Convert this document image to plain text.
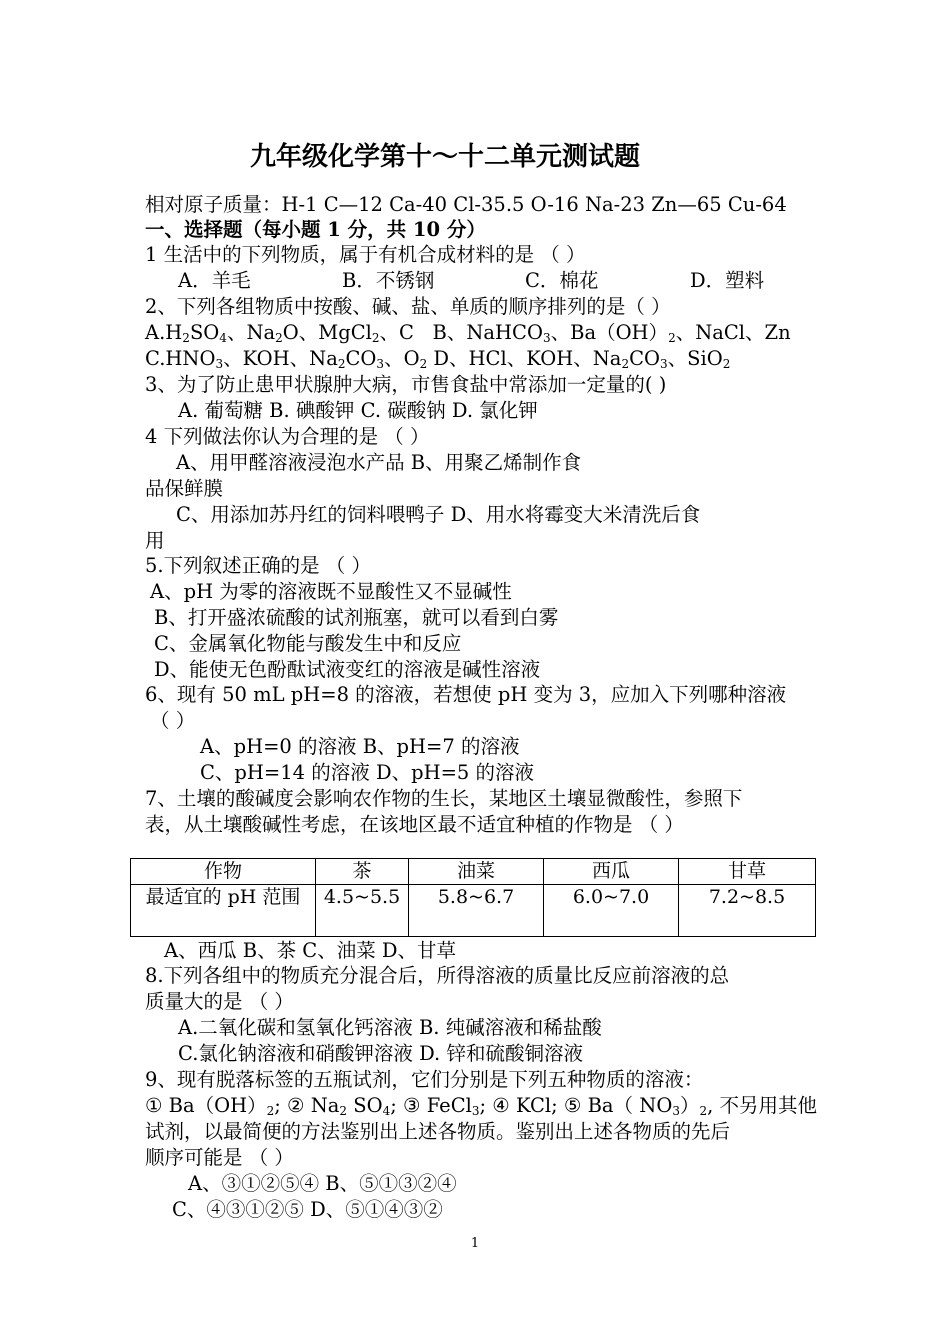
九年级化学第十～十二单元测试题
相对原子质量：H-1 C—12 Ca-40 Cl-35.5 O-16 Na-23 Zn—65 Cu-64
一、选择题（每小题 1 分，共 10 分）
1 生活中的下列物质，属于有机合成材料的是 （ ）
A．羊毛	B．不锈钢	C．棉花	D．塑料
2、下列各组物质中按酸、碱、盐、单质的顺序排列的是（ ）
$A.H_2SO_4$、$Na_2O$、MgCl$_2$、C   B、NaHCO$_3$、$Ba(OH)_2$、NaCl、Zn
$C.HNO_3$、KOH、$Na_2CO_3$、$O_2$ D、HCl、KOH、$Na_2CO_3$、SiO$_2$
3、为了防止患甲状腺肿大病，市售食盐中常添加一定量的( )
A. 葡萄糖 B. 碘酸钾 C. 碳酸钠 D. 氯化钾
4 下列做法你认为合理的是 （ ）
A、用甲醛溶液浸泡水产品 B、用聚乙烯制作食
品保鲜膜
C、用添加苏丹红的饲料喂鸭子 D、用水将霉变大米清洗后食
用
5.下列叙述正确的是 （ ）
A、pH 为零的溶液既不显酸性又不显碱性
B、打开盛浓硫酸的试剂瓶塞，就可以看到白雾
C、金属氧化物能与酸发生中和反应
D、能使无色酚酞试液变红的溶液是碱性溶液
6、现有 50 mL pH=8 的溶液，若想使 pH 变为 3，应加入下列哪种溶液
（ ）
A、pH=0 的溶液 B、pH=7 的溶液
C、pH=14 的溶液 D、pH=5 的溶液
7、土壤的酸碱度会影响农作物的生长，某地区土壤显微酸性，参照下
表，从土壤酸碱性考虑，在该地区最不适宜种植的作物是 （ ）
作物	茶	油菜	西瓜	甘草
最适宜的 pH 范围	4.5~5.5	5.8~6.7	6.0~7.0	7.2~8.5
A、西瓜 B、茶 C、油菜 D、甘草
8.下列各组中的物质充分混合后，所得溶液的质量比反应前溶液的总
质量大的是 （ ）
A.二氧化碳和氢氧化钙溶液 B. 纯碱溶液和稀盐酸
C.氯化钠溶液和硝酸钾溶液 D. 锌和硫酸铜溶液
9、现有脱落标签的五瓶试剂，它们分别是下列五种物质的溶液：
① $Ba(OH)_2$; ② $Na_2$ $SO_4$; ③ FeCl$_3$; ④ KCl; ⑤ Ba（ $NO_3)_2$, 不另用其他
试剂，以最简便的方法鉴别出上述各物质。鉴别出上述各物质的先后
顺序可能是 （ ）
A、③①②⑤④ B、⑤①③②④
C、④③①②⑤ D、⑤①④③②
1
